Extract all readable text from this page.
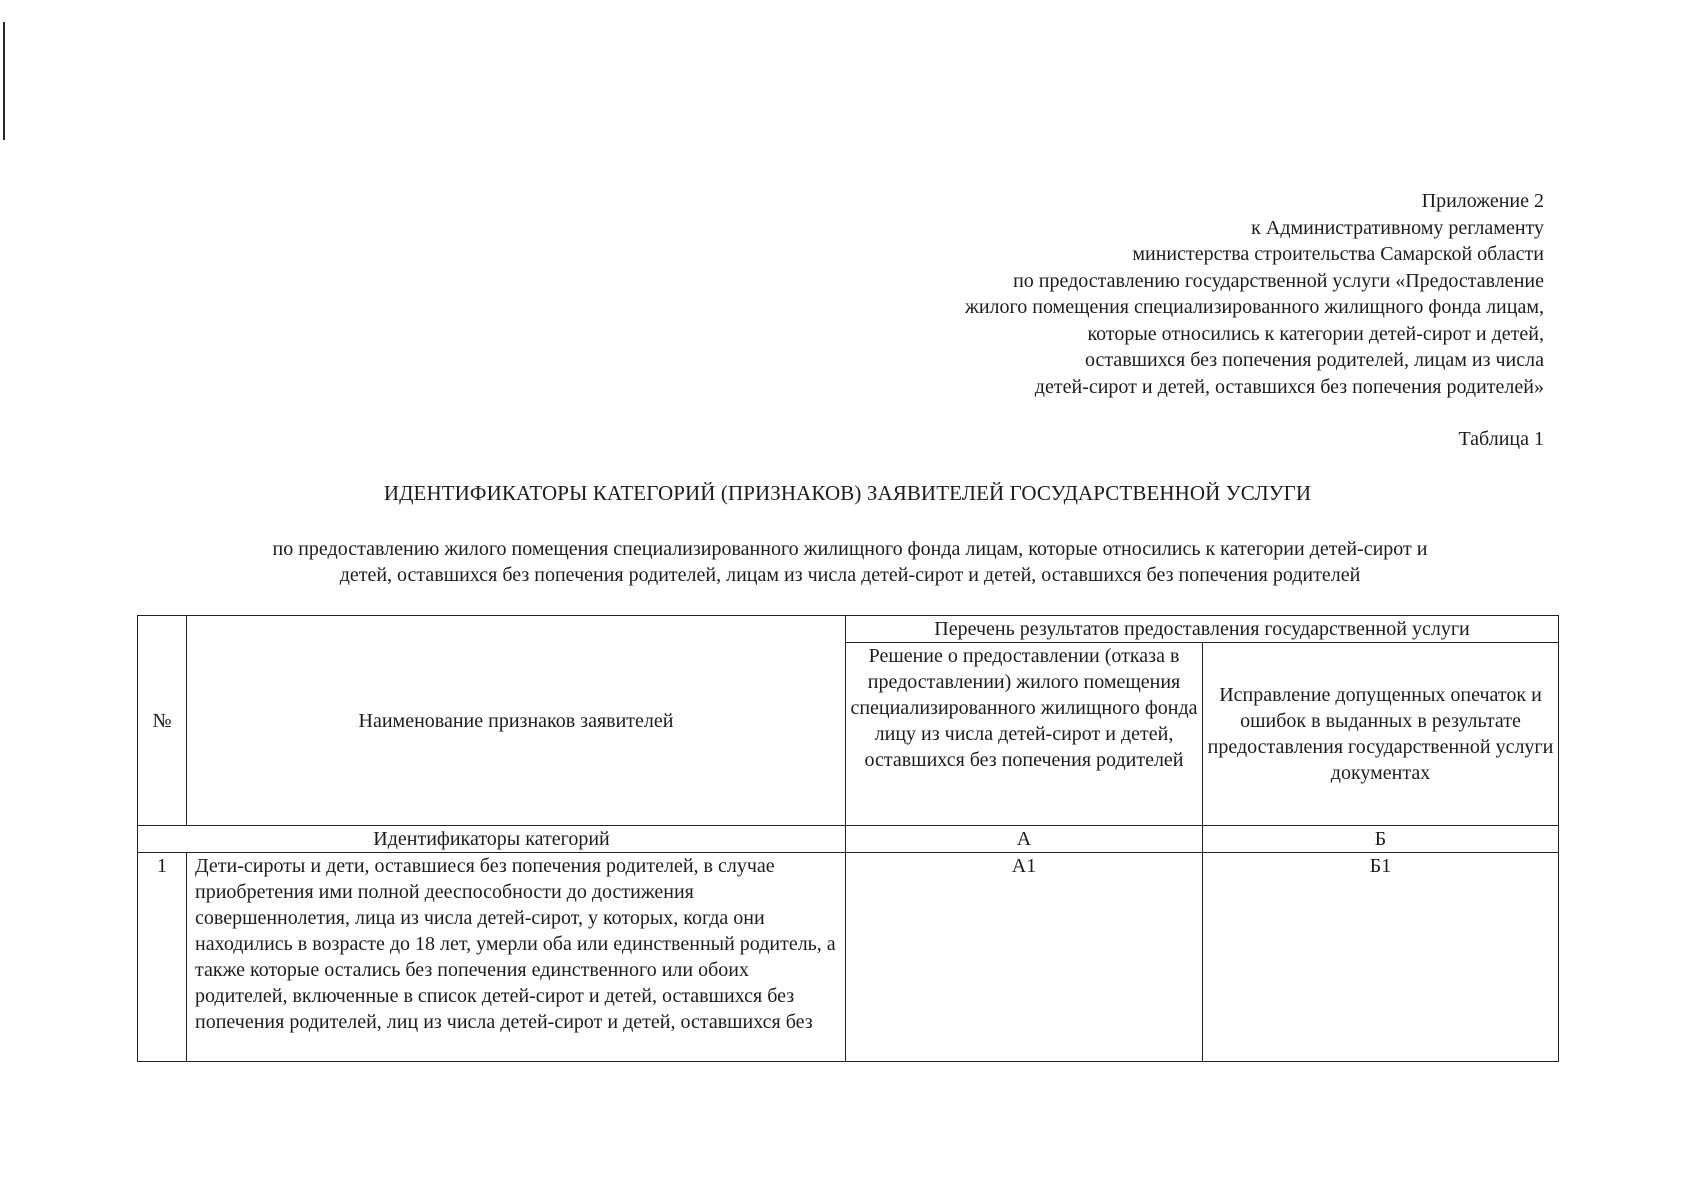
Приложение 2
к Административному регламенту
министерства строительства Самарской области
по предоставлению государственной услуги «Предоставление
жилого помещения специализированного жилищного фонда лицам,
которые относились к категории детей-сирот и детей,
оставшихся без попечения родителей, лицам из числа
детей-сирот и детей, оставшихся без попечения родителей»
Таблица 1
ИДЕНТИФИКАТОРЫ КАТЕГОРИЙ (ПРИЗНАКОВ) ЗАЯВИТЕЛЕЙ ГОСУДАРСТВЕННОЙ УСЛУГИ
по предоставлению жилого помещения специализированного жилищного фонда лицам, которые относились к категории детей-сирот и
детей, оставшихся без попечения родителей, лицам из числа детей-сирот и детей, оставшихся без попечения родителей
№	Наименование признаков заявителей	Перечень результатов предоставления государственной услуги	
		Решение о предоставлении (отказа в предоставлении) жилого помещения специализированного жилищного фонда лицу из числа детей-сирот и детей, оставшихся без попечения родителей	Исправление допущенных опечаток и ошибок в выданных в результате предоставления государственной услуги документах
Идентификаторы категорий		А	Б
1	Дети-сироты и дети, оставшиеся без попечения родителей, в случае приобретения ими полной дееспособности до достижения совершеннолетия, лица из числа детей-сирот, у которых, когда они находились в возрасте до 18 лет, умерли оба или единственный родитель, а также которые остались без попечения единственного или обоих родителей, включенные в список детей-сирот и детей, оставшихся без попечения родителей, лиц из числа детей-сирот и детей, оставшихся без	А1	Б1
